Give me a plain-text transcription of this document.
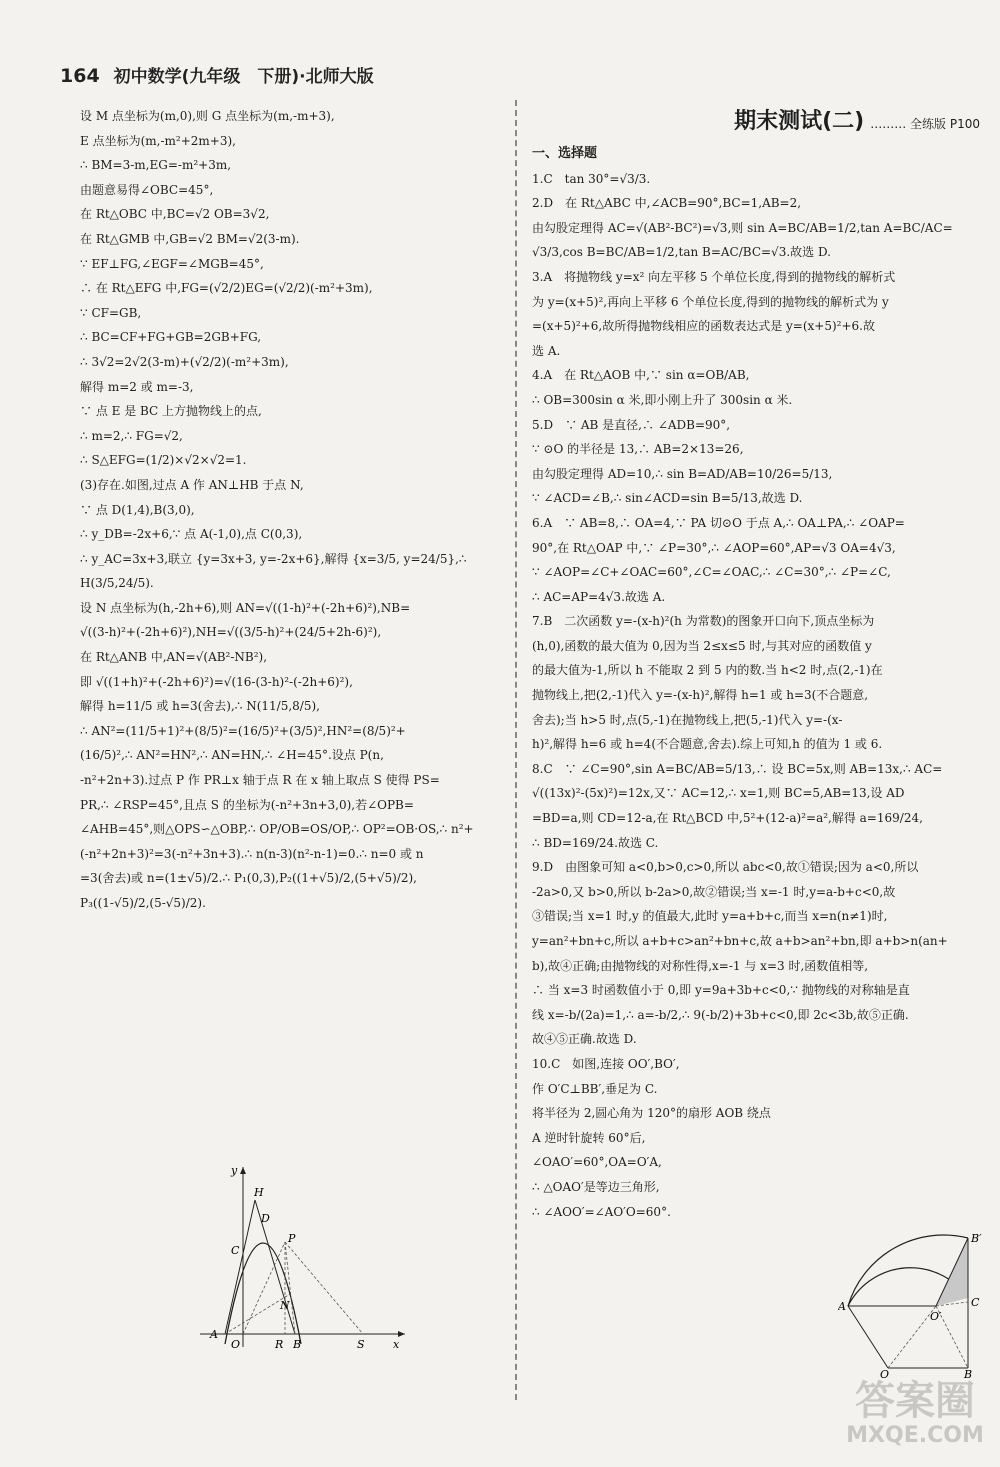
164 初中数学(九年级　下册)·北师大版
设 M 点坐标为(m,0),则 G 点坐标为(m,-m+3),
E 点坐标为(m,-m²+2m+3),
∴ BM=3-m,EG=-m²+3m,
由题意易得∠OBC=45°,
在 Rt△OBC 中,BC=√2 OB=3√2,
在 Rt△GMB 中,GB=√2 BM=√2(3-m).
∵ EF⊥FG,∠EGF=∠MGB=45°,
∴ 在 Rt△EFG 中,FG=(√2/2)EG=(√2/2)(-m²+3m),
∵ CF=GB,
∴ BC=CF+FG+GB=2GB+FG,
∴ 3√2=2√2(3-m)+(√2/2)(-m²+3m),
解得 m=2 或 m=-3,
∵ 点 E 是 BC 上方抛物线上的点,
∴ m=2,∴ FG=√2,
∴ S△EFG=(1/2)×√2×√2=1.
(3)存在.如图,过点 A 作 AN⊥HB 于点 N,
∵ 点 D(1,4),B(3,0),
∴ y_DB=-2x+6,∵ 点 A(-1,0),点 C(0,3),
∴ y_AC=3x+3,联立 {y=3x+3, y=-2x+6},解得 {x=3/5, y=24/5},∴ H(3/5,24/5).
设 N 点坐标为(h,-2h+6),则 AN=√((1-h)²+(-2h+6)²),NB=
√((3-h)²+(-2h+6)²),NH=√((3/5-h)²+(24/5+2h-6)²),
在 Rt△ANB 中,AN=√(AB²-NB²),
即 √((1+h)²+(-2h+6)²)=√(16-(3-h)²-(-2h+6)²),
解得 h=11/5 或 h=3(舍去),∴ N(11/5,8/5),
∴ AN²=(11/5+1)²+(8/5)²=(16/5)²+(3/5)²,HN²=(8/5)²+
(16/5)²,∴ AN²=HN²,∴ AN=HN,∴ ∠H=45°.设点 P(n,
-n²+2n+3).过点 P 作 PR⊥x 轴于点 R 在 x 轴上取点 S 使得 PS=
PR,∴ ∠RSP=45°,且点 S 的坐标为(-n²+3n+3,0),若∠OPB=
∠AHB=45°,则△OPS∽△OBP,∴ OP/OB=OS/OP,∴ OP²=OB·OS,∴ n²+
(-n²+2n+3)²=3(-n²+3n+3).∴ n(n-3)(n²-n-1)=0.∴ n=0 或 n
=3(舍去)或 n=(1±√5)/2.∴ P₁(0,3),P₂((1+√5)/2,(5+√5)/2),
P₃((1-√5)/2,(5-√5)/2).
期末测试(二) ……… 全练版 P100
一、选择题
1.C　tan 30°=√3/3.
2.D　在 Rt△ABC 中,∠ACB=90°,BC=1,AB=2,
由勾股定理得 AC=√(AB²-BC²)=√3,则 sin A=BC/AB=1/2,tan A=BC/AC=
√3/3,cos B=BC/AB=1/2,tan B=AC/BC=√3.故选 D.
3.A　将抛物线 y=x² 向左平移 5 个单位长度,得到的抛物线的解析式
为 y=(x+5)²,再向上平移 6 个单位长度,得到的抛物线的解析式为 y
=(x+5)²+6,故所得抛物线相应的函数表达式是 y=(x+5)²+6.故
选 A.
4.A　在 Rt△AOB 中,∵ sin α=OB/AB,
∴ OB=300sin α 米,即小刚上升了 300sin α 米.
5.D　∵ AB 是直径,∴ ∠ADB=90°,
∵ ⊙O 的半径是 13,∴ AB=2×13=26,
由勾股定理得 AD=10,∴ sin B=AD/AB=10/26=5/13,
∵ ∠ACD=∠B,∴ sin∠ACD=sin B=5/13,故选 D.
6.A　∵ AB=8,∴ OA=4,∵ PA 切⊙O 于点 A,∴ OA⊥PA,∴ ∠OAP=
90°,在 Rt△OAP 中,∵ ∠P=30°,∴ ∠AOP=60°,AP=√3 OA=4√3,
∵ ∠AOP=∠C+∠OAC=60°,∠C=∠OAC,∴ ∠C=30°,∴ ∠P=∠C,
∴ AC=AP=4√3.故选 A.
7.B　二次函数 y=-(x-h)²(h 为常数)的图象开口向下,顶点坐标为
(h,0),函数的最大值为 0,因为当 2≤x≤5 时,与其对应的函数值 y
的最大值为-1,所以 h 不能取 2 到 5 内的数.当 h<2 时,点(2,-1)在
抛物线上,把(2,-1)代入 y=-(x-h)²,解得 h=1 或 h=3(不合题意,
舍去);当 h>5 时,点(5,-1)在抛物线上,把(5,-1)代入 y=-(x-
h)²,解得 h=6 或 h=4(不合题意,舍去).综上可知,h 的值为 1 或 6.
8.C　∵ ∠C=90°,sin A=BC/AB=5/13,∴ 设 BC=5x,则 AB=13x,∴ AC=
√((13x)²-(5x)²)=12x,又∵ AC=12,∴ x=1,则 BC=5,AB=13,设 AD
=BD=a,则 CD=12-a,在 Rt△BCD 中,5²+(12-a)²=a²,解得 a=169/24,
∴ BD=169/24.故选 C.
9.D　由图象可知 a<0,b>0,c>0,所以 abc<0,故①错误;因为 a<0,所以
-2a>0,又 b>0,所以 b-2a>0,故②错误;当 x=-1 时,y=a-b+c<0,故
③错误;当 x=1 时,y 的值最大,此时 y=a+b+c,而当 x=n(n≠1)时,
y=an²+bn+c,所以 a+b+c>an²+bn+c,故 a+b>an²+bn,即 a+b>n(an+
b),故④正确;由抛物线的对称性得,x=-1 与 x=3 时,函数值相等,
∴ 当 x=3 时函数值小于 0,即 y=9a+3b+c<0,∵ 抛物线的对称轴是直
线 x=-b/(2a)=1,∴ a=-b/2,∴ 9(-b/2)+3b+c<0,即 2c<3b,故⑤正确.
故④⑤正确.故选 D.
10.C　如图,连接 OO′,BO′,
作 O′C⊥BB′,垂足为 C.
将半径为 2,圆心角为 120°的扇形 AOB 绕点
A 逆时针旋转 60°后,
∠OAO′=60°,OA=O′A,
∴ △OAO′是等边三角形,
∴ ∠AOO′=∠AO′O=60°.
y
x
H
D
C
P
N
A
O	R B	S
B′
A
O′
C
O	B
答案圈
MXQE.COM
